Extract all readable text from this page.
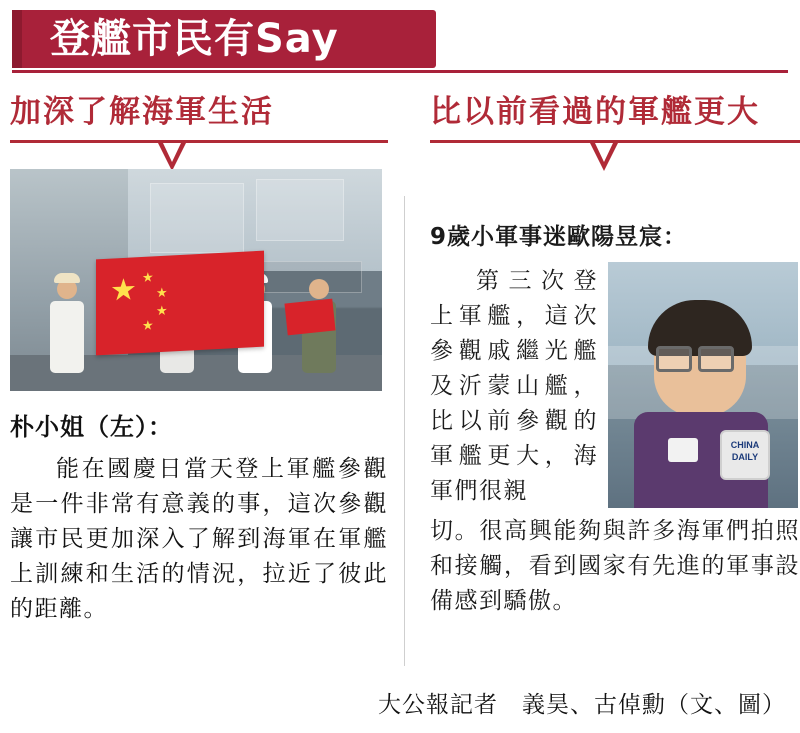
登艦市民有Say
加深了解海軍生活
★ ★
★
★
★
朴小姐（左）：
能在國慶日當天登上軍艦參觀是一件非常有意義的事，這次參觀讓市民更加深入了解到海軍在軍艦上訓練和生活的情況，拉近了彼此的距離。
比以前看過的軍艦更大
9歲小軍事迷歐陽昱宸：
第三次登上軍艦，這次參觀戚繼光艦及沂蒙山艦，比以前參觀的軍艦更大，海軍們很親
CHINA
DAILY
切。很高興能夠與許多海軍們拍照和接觸，看到國家有先進的軍事設備感到驕傲。
大公報記者　義昊、古倬勳（文、圖）
